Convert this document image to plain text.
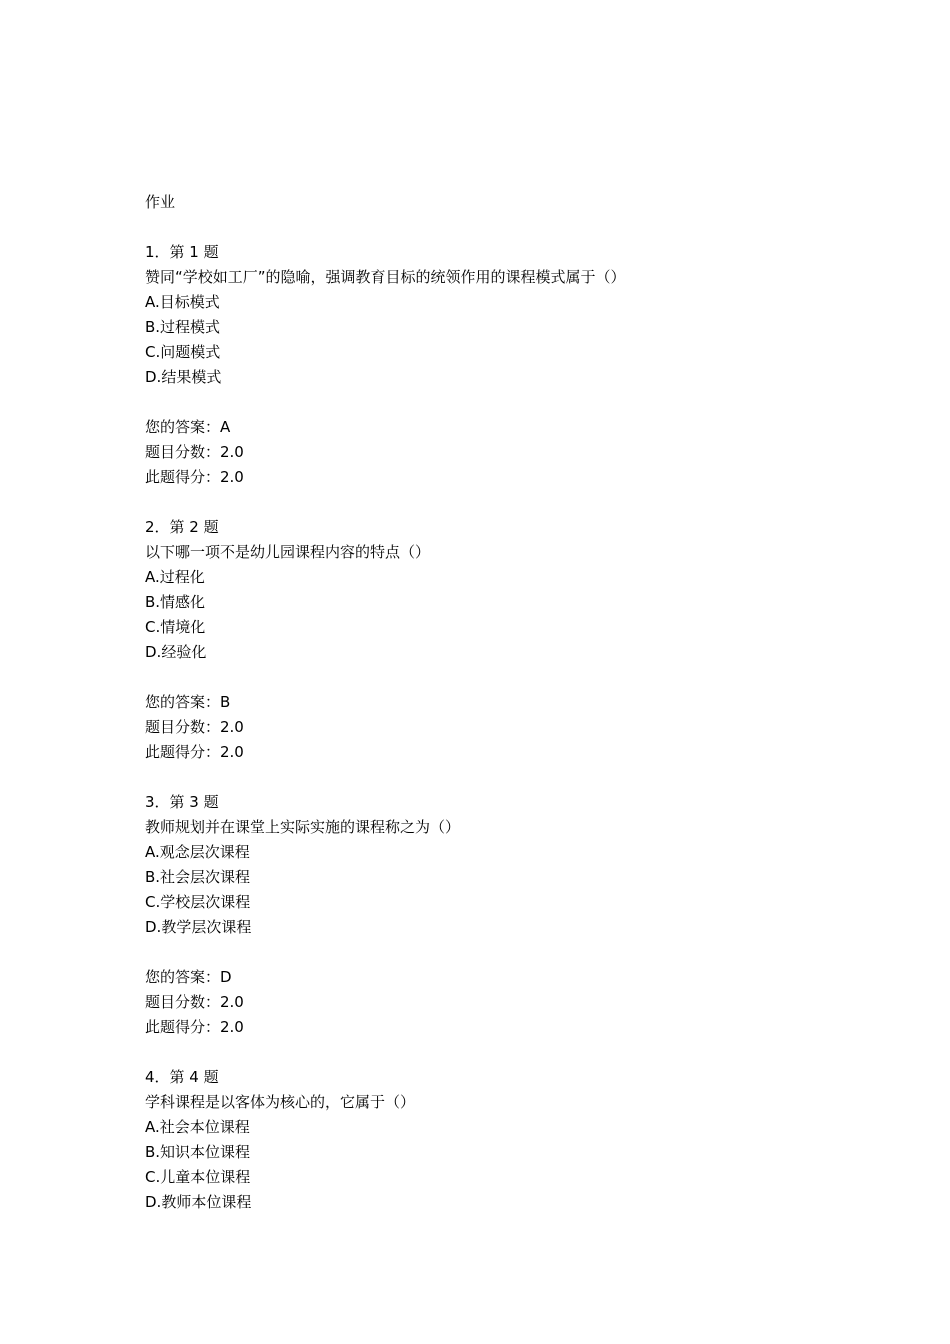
作业
1．第 1 题
赞同“学校如工厂”的隐喻，强调教育目标的统领作用的课程模式属于（）
A.目标模式
B.过程模式
C.问题模式
D.结果模式
您的答案：A
题目分数：2.0
此题得分：2.0
2．第 2 题
以下哪一项不是幼儿园课程内容的特点（）
A.过程化
B.情感化
C.情境化
D.经验化
您的答案：B
题目分数：2.0
此题得分：2.0
3．第 3 题
教师规划并在课堂上实际实施的课程称之为（）
A.观念层次课程
B.社会层次课程
C.学校层次课程
D.教学层次课程
您的答案：D
题目分数：2.0
此题得分：2.0
4．第 4 题
学科课程是以客体为核心的，它属于（）
A.社会本位课程
B.知识本位课程
C.儿童本位课程
D.教师本位课程
